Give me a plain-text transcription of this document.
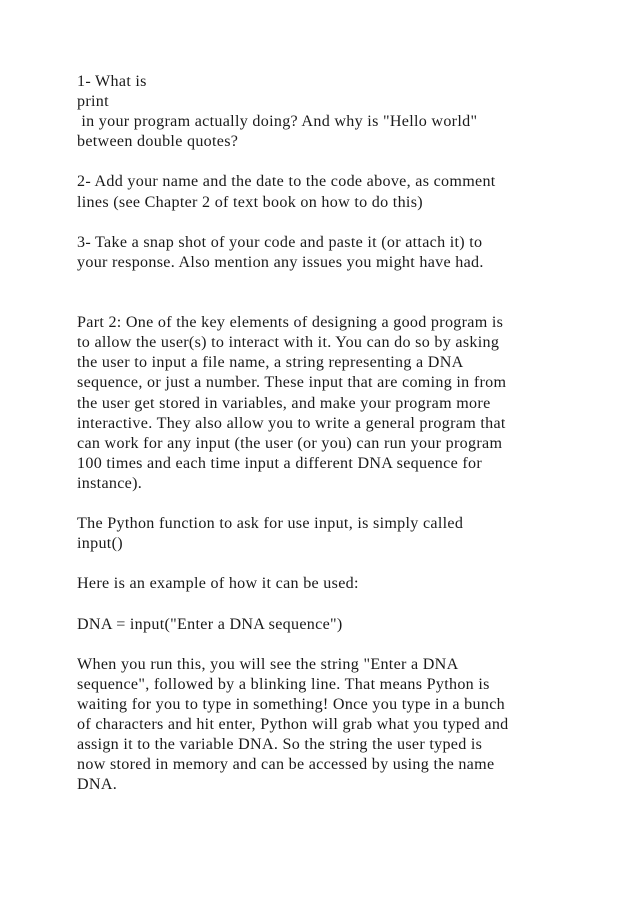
1- What is
print
in your program actually doing? And why is "Hello world"
between double quotes?
2- Add your name and the date to the code above, as comment
lines (see Chapter 2 of text book on how to do this)
3- Take a snap shot of your code and paste it (or attach it) to
your response. Also mention any issues you might have had.
Part 2: One of the key elements of designing a good program is
to allow the user(s) to interact with it. You can do so by asking
the user to input a file name, a string representing a DNA
sequence, or just a number. These input that are coming in from
the user get stored in variables, and make your program more
interactive. They also allow you to write a general program that
can work for any input (the user (or you) can run your program
100 times and each time input a different DNA sequence for
instance).
The Python function to ask for use input, is simply called
input()
Here is an example of how it can be used:
DNA = input("Enter a DNA sequence")
When you run this, you will see the string "Enter a DNA
sequence", followed by a blinking line. That means Python is
waiting for you to type in something! Once you type in a bunch
of characters and hit enter, Python will grab what you typed and
assign it to the variable DNA. So the string the user typed is
now stored in memory and can be accessed by using the name
DNA.
